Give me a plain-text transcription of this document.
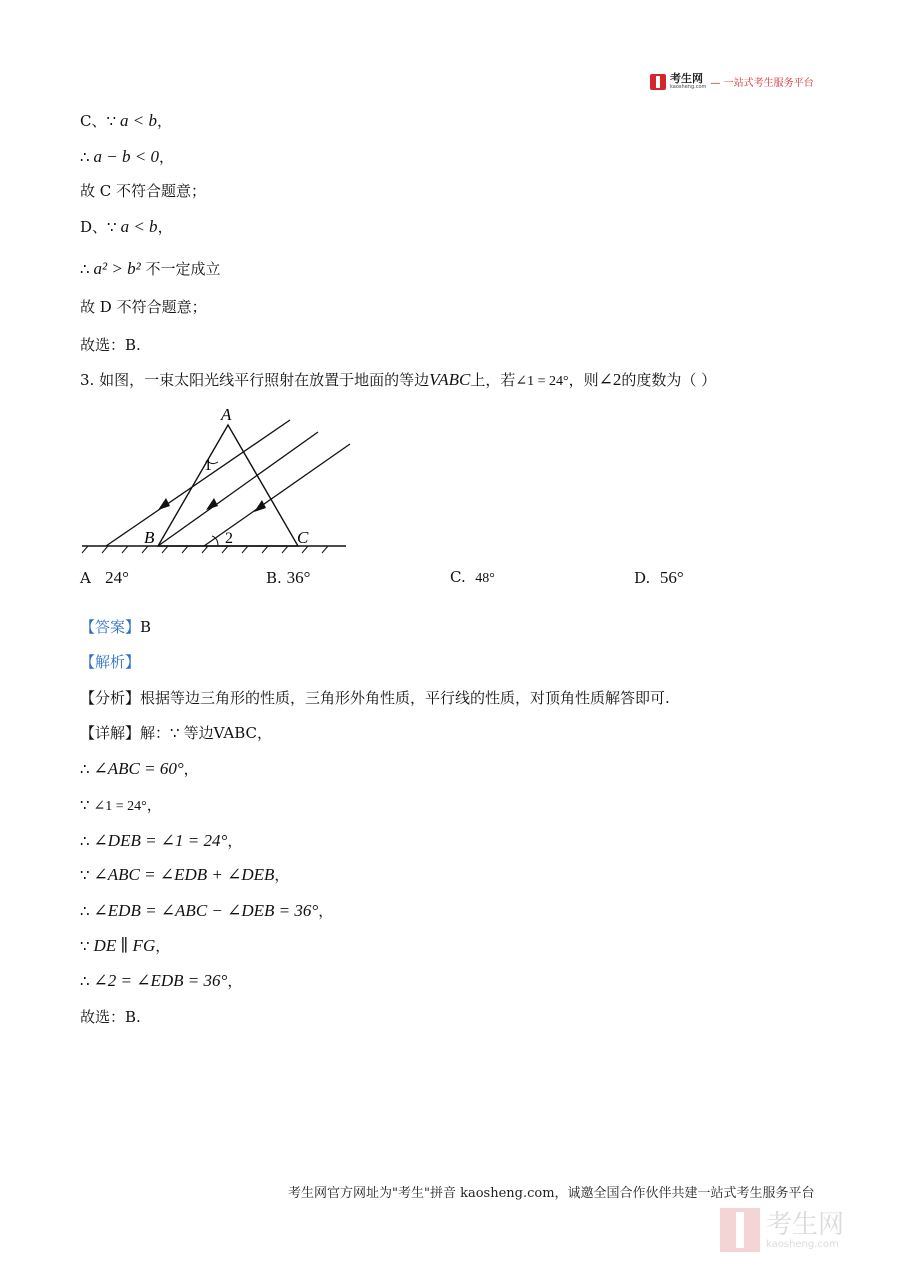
考生网
kaosheng.com — 一站式考生服务平台
C、∵ a < b，
∴ a − b < 0，
故 C 不符合题意；
D、∵ a < b，
∴ a² > b² 不一定成立
故 D 不符合题意；
故选：B.
3. 如图，一束太阳光线平行照射在放置于地面的等边VABC上，若∠1 = 24°，则∠2的度数为（ ）
A
B	C
1
2
A 24°	B. 36°	C. 48°	D. 56°
【答案】B
【解析】
【分析】根据等边三角形的性质，三角形外角性质，平行线的性质，对顶角性质解答即可.
【详解】解：∵ 等边VABC，
∴ ∠ABC = 60°，
∵ ∠1 = 24°，
∴ ∠DEB = ∠1 = 24°，
∵ ∠ABC = ∠EDB + ∠DEB，
∴ ∠EDB = ∠ABC − ∠DEB = 36°，
∵ DE ∥ FG，
∴ ∠2 = ∠EDB = 36°，
故选：B.
考生网官方网址为"考生"拼音 kaosheng.com，诚邀全国合作伙伴共建一站式考生服务平台
考生网
kaosheng.com
